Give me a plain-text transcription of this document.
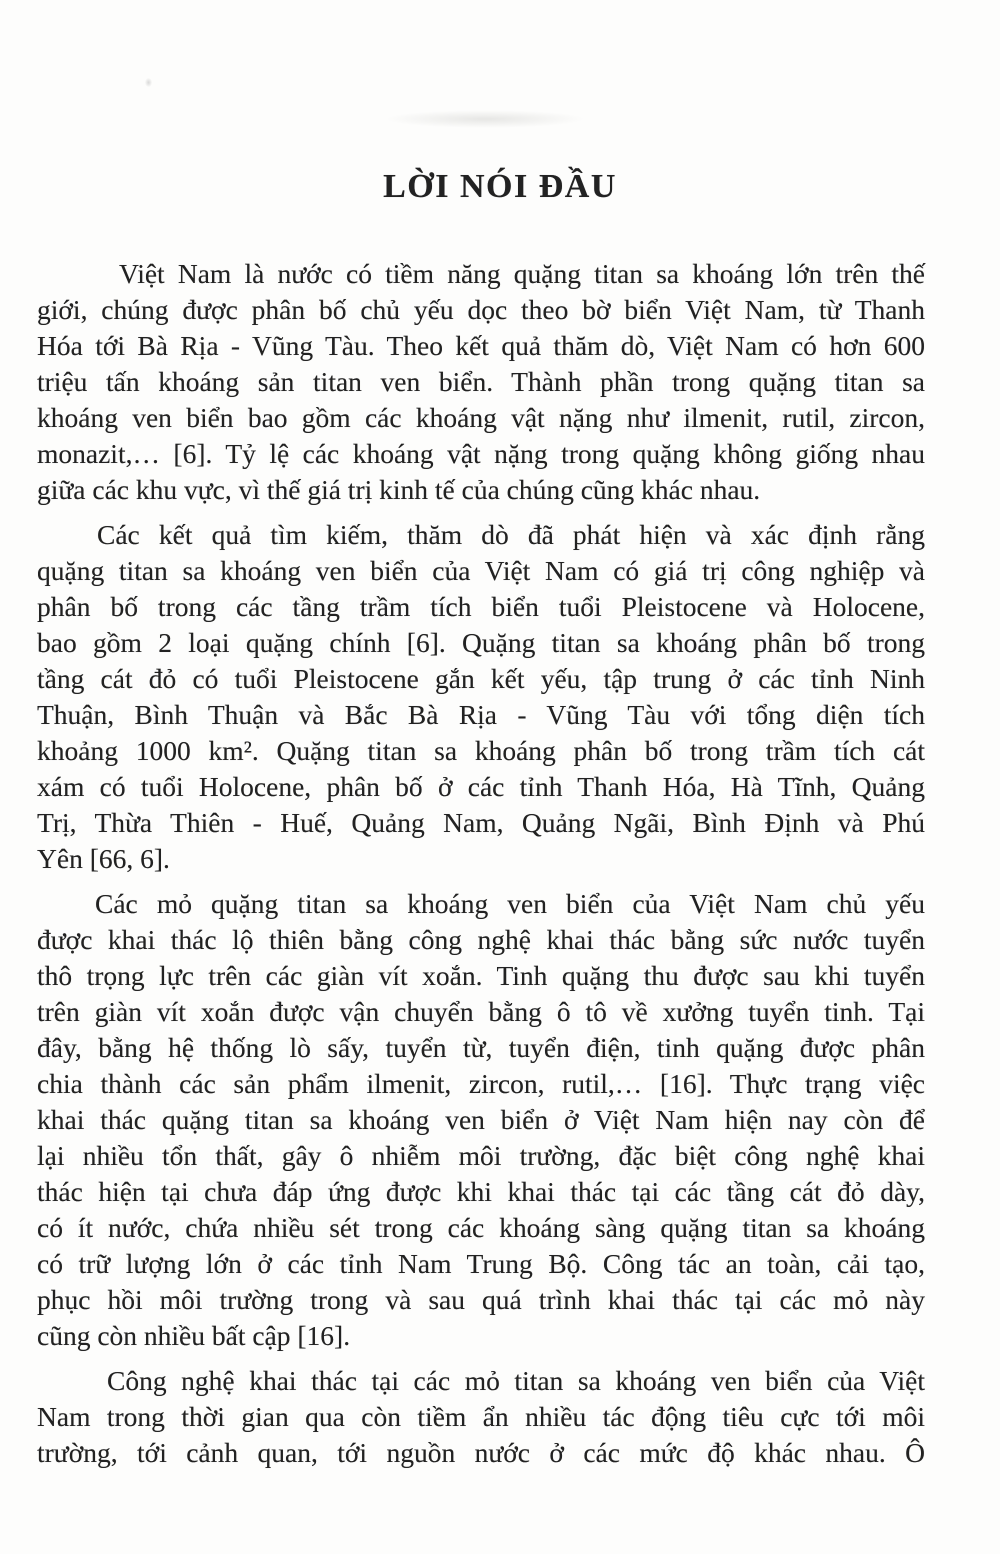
LỜI NÓI ĐẦU

Việt Nam là nước có tiềm năng quặng titan sa khoáng lớn trên thế
giới, chúng được phân bố chủ yếu dọc theo bờ biển Việt Nam, từ Thanh
Hóa tới Bà Rịa - Vũng Tàu. Theo kết quả thăm dò, Việt Nam có hơn 600
triệu tấn khoáng sản titan ven biển. Thành phần trong quặng titan sa
khoáng ven biển bao gồm các khoáng vật nặng như ilmenit, rutil, zircon,
monazit,… [6]. Tỷ lệ các khoáng vật nặng trong quặng không giống nhau
giữa các khu vực, vì thế giá trị kinh tế của chúng cũng khác nhau.

Các kết quả tìm kiếm, thăm dò đã phát hiện và xác định rằng
quặng titan sa khoáng ven biển của Việt Nam có giá trị công nghiệp và
phân bố trong các tầng trầm tích biển tuổi Pleistocene và Holocene,
bao gồm 2 loại quặng chính [6]. Quặng titan sa khoáng phân bố trong
tầng cát đỏ có tuổi Pleistocene gắn kết yếu, tập trung ở các tỉnh Ninh
Thuận, Bình Thuận và Bắc Bà Rịa - Vũng Tàu với tổng diện tích
khoảng 1000 km². Quặng titan sa khoáng phân bố trong trầm tích cát
xám có tuổi Holocene, phân bố ở các tỉnh Thanh Hóa, Hà Tĩnh, Quảng
Trị, Thừa Thiên - Huế, Quảng Nam, Quảng Ngãi, Bình Định và Phú
Yên [66, 6].

Các mỏ quặng titan sa khoáng ven biển của Việt Nam chủ yếu
được khai thác lộ thiên bằng công nghệ khai thác bằng sức nước tuyển
thô trọng lực trên các giàn vít xoắn. Tinh quặng thu được sau khi tuyển
trên giàn vít xoắn được vận chuyển bằng ô tô về xưởng tuyển tinh. Tại
đây, bằng hệ thống lò sấy, tuyển từ, tuyển điện, tinh quặng được phân
chia thành các sản phẩm ilmenit, zircon, rutil,… [16]. Thực trạng việc
khai thác quặng titan sa khoáng ven biển ở Việt Nam hiện nay còn để
lại nhiều tổn thất, gây ô nhiễm môi trường, đặc biệt công nghệ khai
thác hiện tại chưa đáp ứng được khi khai thác tại các tầng cát đỏ dày,
có ít nước, chứa nhiều sét trong các khoáng sàng quặng titan sa khoáng
có trữ lượng lớn ở các tỉnh Nam Trung Bộ. Công tác an toàn, cải tạo,
phục hồi môi trường trong và sau quá trình khai thác tại các mỏ này
cũng còn nhiều bất cập [16].

Công nghệ khai thác tại các mỏ titan sa khoáng ven biển của Việt
Nam trong thời gian qua còn tiềm ẩn nhiều tác động tiêu cực tới môi
trường, tới cảnh quan, tới nguồn nước ở các mức độ khác nhau. Ô
